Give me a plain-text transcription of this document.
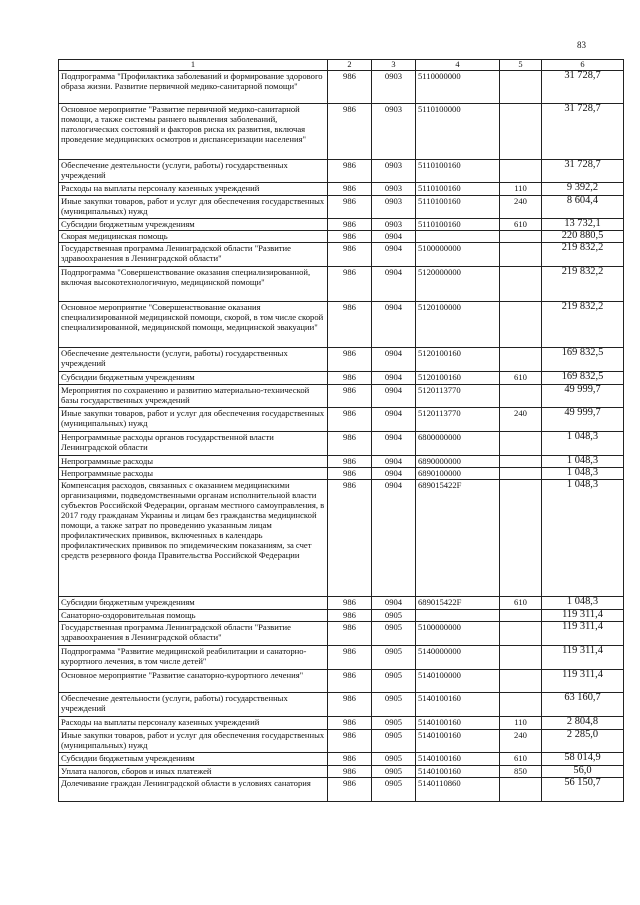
83
1	2	3	4	5	6
Подпрограмма "Профилактика заболеваний и формирование здорового образа жизни. Развитие первичной медико-санитарной помощи"	986	0903	5110000000		31 728,7
Основное мероприятие "Развитие первичной медико-санитарной помощи, а также системы раннего выявления заболеваний, патологических состояний и факторов риска их развития, включая проведение медицинских осмотров и диспансеризации населения"	986	0903	5110100000		31 728,7
Обеспечение деятельности (услуги, работы) государственных учреждений	986	0903	5110100160		31 728,7
Расходы на выплаты персоналу казенных учреждений	986	0903	5110100160	110	9 392,2
Иные закупки товаров, работ и услуг для обеспечения государственных (муниципальных) нужд	986	0903	5110100160	240	8 604,4
Субсидии бюджетным учреждениям	986	0903	5110100160	610	13 732,1
Скорая медицинская помощь	986	0904			220 880,5
Государственная программа Ленинградской области "Развитие здравоохранения в Ленинградской области"	986	0904	5100000000		219 832,2
Подпрограмма "Совершенствование оказания специализированной, включая высокотехнологичную, медицинской помощи"	986	0904	5120000000		219 832,2
Основное мероприятие "Совершенствование оказания специализированной медицинской помощи, скорой, в том числе скорой специализированной, медицинской помощи, медицинской эвакуации"	986	0904	5120100000		219 832,2
Обеспечение деятельности (услуги, работы) государственных учреждений	986	0904	5120100160		169 832,5
Субсидии бюджетным учреждениям	986	0904	5120100160	610	169 832,5
Мероприятия по сохранению и развитию материально-технической базы государственных учреждений	986	0904	5120113770		49 999,7
Иные закупки товаров, работ и услуг для обеспечения государственных (муниципальных) нужд	986	0904	5120113770	240	49 999,7
Непрограммные расходы органов государственной власти Ленинградской области	986	0904	6800000000		1 048,3
Непрограммные расходы	986	0904	6890000000		1 048,3
Непрограммные расходы	986	0904	6890100000		1 048,3
Компенсация расходов, связанных с оказанием медицинскими организациями, подведомственными органам исполнительной власти субъектов Российской Федерации, органам местного самоуправления, в 2017 году гражданам Украины и лицам без гражданства медицинской помощи, а также затрат по проведению указанным лицам профилактических прививок, включенных в календарь профилактических прививок по эпидемическим показаниям, за счет средств резервного фонда Правительства Российской Федерации	986	0904	689015422F		1 048,3
Субсидии бюджетным учреждениям	986	0904	689015422F	610	1 048,3
Санаторно-оздоровительная помощь	986	0905			119 311,4
Государственная программа Ленинградской области "Развитие здравоохранения в Ленинградской области"	986	0905	5100000000		119 311,4
Подпрограмма "Развитие медицинской реабилитации и санаторно-курортного лечения, в том числе детей"	986	0905	5140000000		119 311,4
Основное мероприятие "Развитие санаторно-курортного лечения"	986	0905	5140100000		119 311,4
Обеспечение деятельности (услуги, работы) государственных учреждений	986	0905	5140100160		63 160,7
Расходы на выплаты персоналу казенных учреждений	986	0905	5140100160	110	2 804,8
Иные закупки товаров, работ и услуг для обеспечения государственных (муниципальных) нужд	986	0905	5140100160	240	2 285,0
Субсидии бюджетным учреждениям	986	0905	5140100160	610	58 014,9
Уплата налогов, сборов и иных платежей	986	0905	5140100160	850	56,0
Долечивание граждан Ленинградской области в условиях санатория	986	0905	5140110860		56 150,7
